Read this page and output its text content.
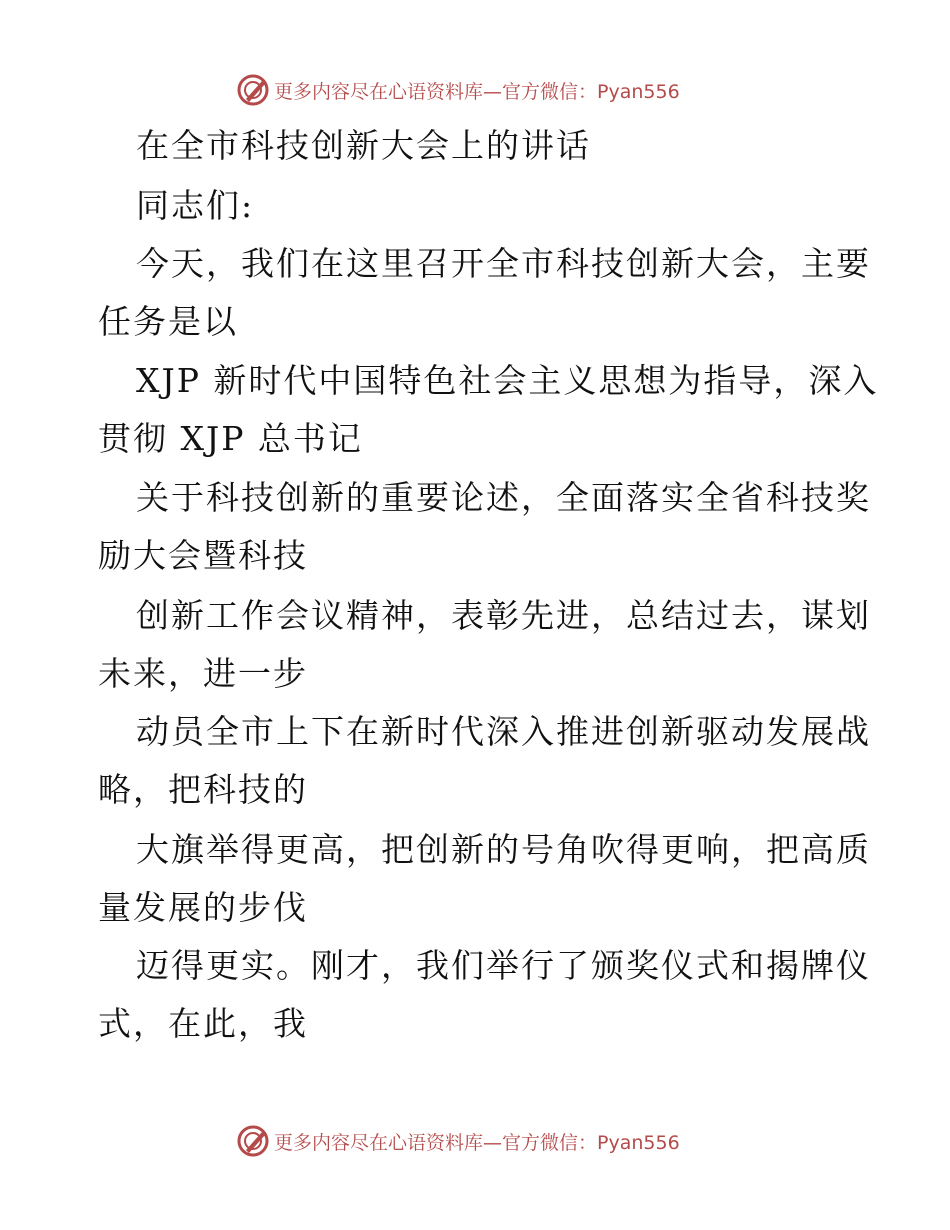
更多内容尽在心语资料库—官方微信：Pyan556
在全市科技创新大会上的讲话
同志们:
今天，我们在这里召开全市科技创新大会，主要
任务是以
XJP 新时代中国特色社会主义思想为指导，深入
贯彻 XJP 总书记
关于科技创新的重要论述，全面落实全省科技奖
励大会暨科技
创新工作会议精神，表彰先进，总结过去，谋划
未来，进一步
动员全市上下在新时代深入推进创新驱动发展战
略，把科技的
大旗举得更高，把创新的号角吹得更响，把高质
量发展的步伐
迈得更实。刚才，我们举行了颁奖仪式和揭牌仪
式，在此，我
更多内容尽在心语资料库—官方微信：Pyan556
